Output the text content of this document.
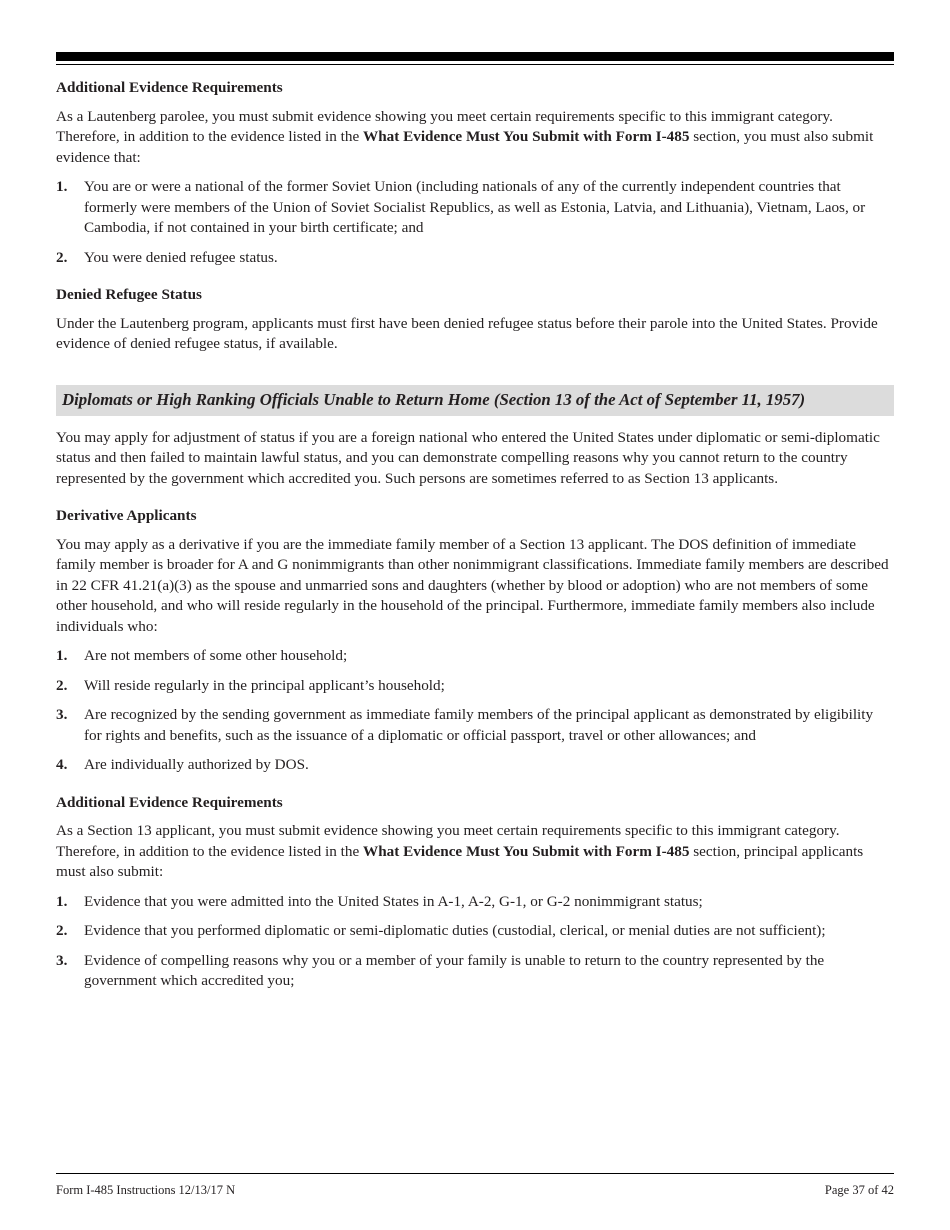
Additional Evidence Requirements

As a Lautenberg parolee, you must submit evidence showing you meet certain requirements specific to this immigrant category. Therefore, in addition to the evidence listed in the What Evidence Must You Submit with Form I-485 section, you must also submit evidence that:

1. You are or were a national of the former Soviet Union (including nationals of any of the currently independent countries that formerly were members of the Union of Soviet Socialist Republics, as well as Estonia, Latvia, and Lithuania), Vietnam, Laos, or Cambodia, if not contained in your birth certificate; and
2. You were denied refugee status.
Denied Refugee Status

Under the Lautenberg program, applicants must first have been denied refugee status before their parole into the United States. Provide evidence of denied refugee status, if available.

Diplomats or High Ranking Officials Unable to Return Home (Section 13 of the Act of September 11, 1957)

You may apply for adjustment of status if you are a foreign national who entered the United States under diplomatic or semi-diplomatic status and then failed to maintain lawful status, and you can demonstrate compelling reasons why you cannot return to the country represented by the government which accredited you. Such persons are sometimes referred to as Section 13 applicants.

Derivative Applicants

You may apply as a derivative if you are the immediate family member of a Section 13 applicant. The DOS definition of immediate family member is broader for A and G nonimmigrants than other nonimmigrant classifications. Immediate family members are described in 22 CFR 41.21(a)(3) as the spouse and unmarried sons and daughters (whether by blood or adoption) who are not members of some other household, and who will reside regularly in the household of the principal. Furthermore, immediate family members also include individuals who:

1. Are not members of some other household;
2. Will reside regularly in the principal applicant’s household;
3. Are recognized by the sending government as immediate family members of the principal applicant as demonstrated by eligibility for rights and benefits, such as the issuance of a diplomatic or official passport, travel or other allowances; and
4. Are individually authorized by DOS.
Additional Evidence Requirements

As a Section 13 applicant, you must submit evidence showing you meet certain requirements specific to this immigrant category. Therefore, in addition to the evidence listed in the What Evidence Must You Submit with Form I-485 section, principal applicants must also submit:

1. Evidence that you were admitted into the United States in A-1, A-2, G-1, or G-2 nonimmigrant status;
2. Evidence that you performed diplomatic or semi-diplomatic duties (custodial, clerical, or menial duties are not sufficient);
3. Evidence of compelling reasons why you or a member of your family is unable to return to the country represented by the government which accredited you;
Form I-485 Instructions 12/13/17 N	Page 37 of 42
